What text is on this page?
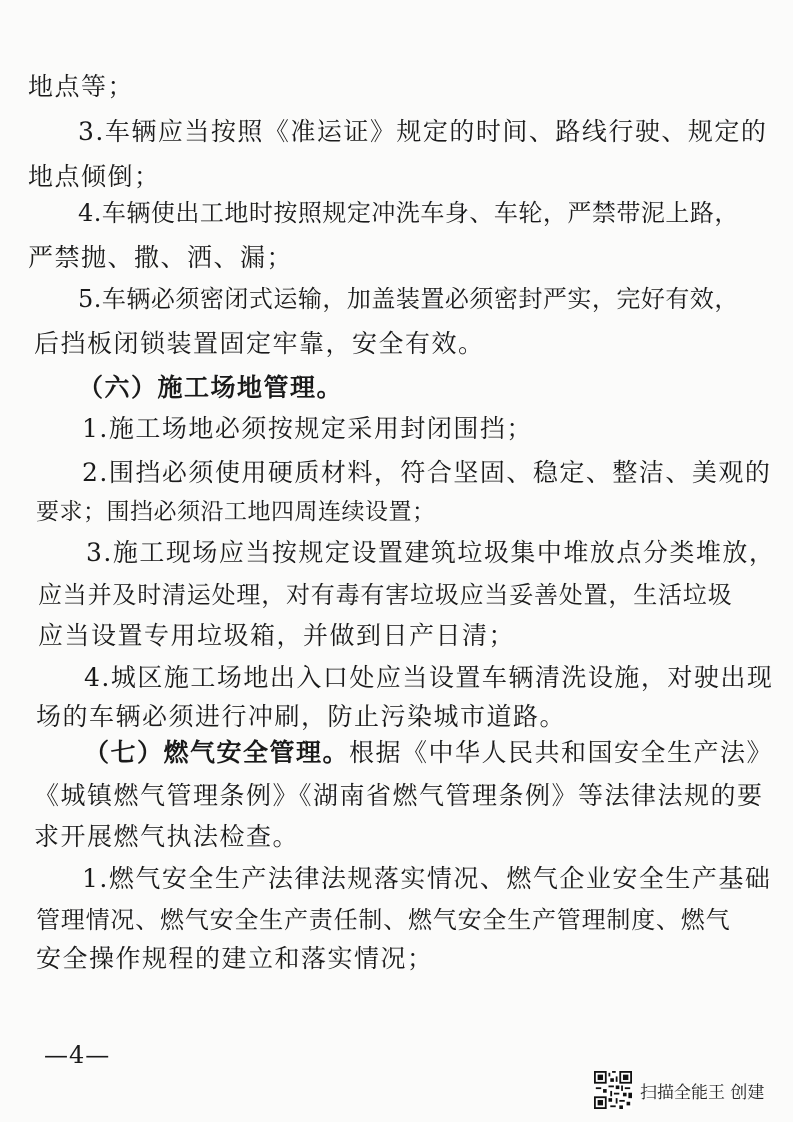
地点等；
3.车辆应当按照《准运证》规定的时间、路线行驶、规定的
地点倾倒；
4.车辆使出工地时按照规定冲洗车身、车轮，严禁带泥上路，
严禁抛、撒、洒、漏；
5.车辆必须密闭式运输，加盖装置必须密封严实，完好有效，
后挡板闭锁装置固定牢靠，安全有效。
（六）施工场地管理。
1.施工场地必须按规定采用封闭围挡；
2.围挡必须使用硬质材料，符合坚固、稳定、整洁、美观的
要求；围挡必须沿工地四周连续设置；
3.施工现场应当按规定设置建筑垃圾集中堆放点分类堆放，
应当并及时清运处理，对有毒有害垃圾应当妥善处置，生活垃圾
应当设置专用垃圾箱，并做到日产日清；
4.城区施工场地出入口处应当设置车辆清洗设施，对驶出现
场的车辆必须进行冲刷，防止污染城市道路。
（七）燃气安全管理。根据《中华人民共和国安全生产法》
《城镇燃气管理条例》《湖南省燃气管理条例》等法律法规的要
求开展燃气执法检查。
1.燃气安全生产法律法规落实情况、燃气企业安全生产基础
管理情况、燃气安全生产责任制、燃气安全生产管理制度、燃气
安全操作规程的建立和落实情况；
—4—
扫描全能王 创建
